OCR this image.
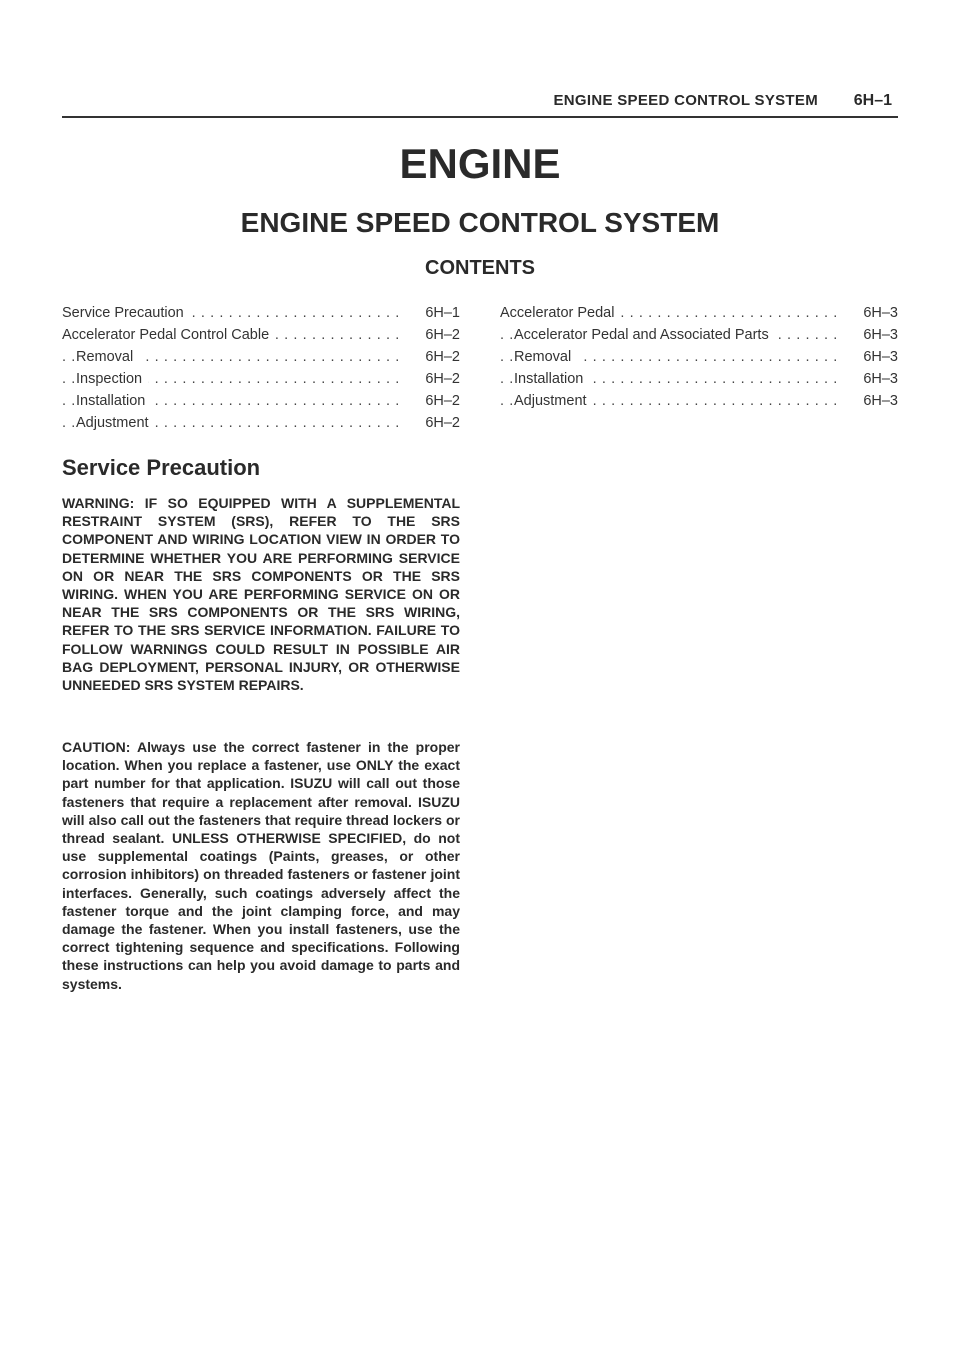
ENGINE SPEED CONTROL SYSTEM 6H–1
ENGINE
ENGINE SPEED CONTROL SYSTEM
CONTENTS
Service Precaution . . .	6H–1
Accelerator Pedal Control Cable . . .	6H–2
Removal . . .	6H–2
Inspection . . .	6H–2
Installation . . .	6H–2
Adjustment . . .	6H–2
Accelerator Pedal . . .	6H–3
Accelerator Pedal and Associated Parts . . .	6H–3
Removal . . .	6H–3
Installation . . .	6H–3
Adjustment . . .	6H–3
Service Precaution

WARNING: IF SO EQUIPPED WITH A SUPPLEMENTAL RESTRAINT SYSTEM (SRS), REFER TO THE SRS COMPONENT AND WIRING LOCATION VIEW IN ORDER TO DETERMINE WHETHER YOU ARE PERFORMING SERVICE ON OR NEAR THE SRS COMPONENTS OR THE SRS WIRING. WHEN YOU ARE PERFORMING SERVICE ON OR NEAR THE SRS COMPONENTS OR THE SRS WIRING, REFER TO THE SRS SERVICE INFORMATION. FAILURE TO FOLLOW WARNINGS COULD RESULT IN POSSIBLE AIR BAG DEPLOYMENT, PERSONAL INJURY, OR OTHERWISE UNNEEDED SRS SYSTEM REPAIRS.

CAUTION: Always use the correct fastener in the proper location. When you replace a fastener, use ONLY the exact part number for that application. ISUZU will call out those fasteners that require a replacement after removal. ISUZU will also call out the fasteners that require thread lockers or thread sealant. UNLESS OTHERWISE SPECIFIED, do not use supplemental coatings (Paints, greases, or other corrosion inhibitors) on threaded fasteners or fastener joint interfaces. Generally, such coatings adversely affect the fastener torque and the joint clamping force, and may damage the fastener. When you install fasteners, use the correct tightening sequence and specifications. Following these instructions can help you avoid damage to parts and systems.
